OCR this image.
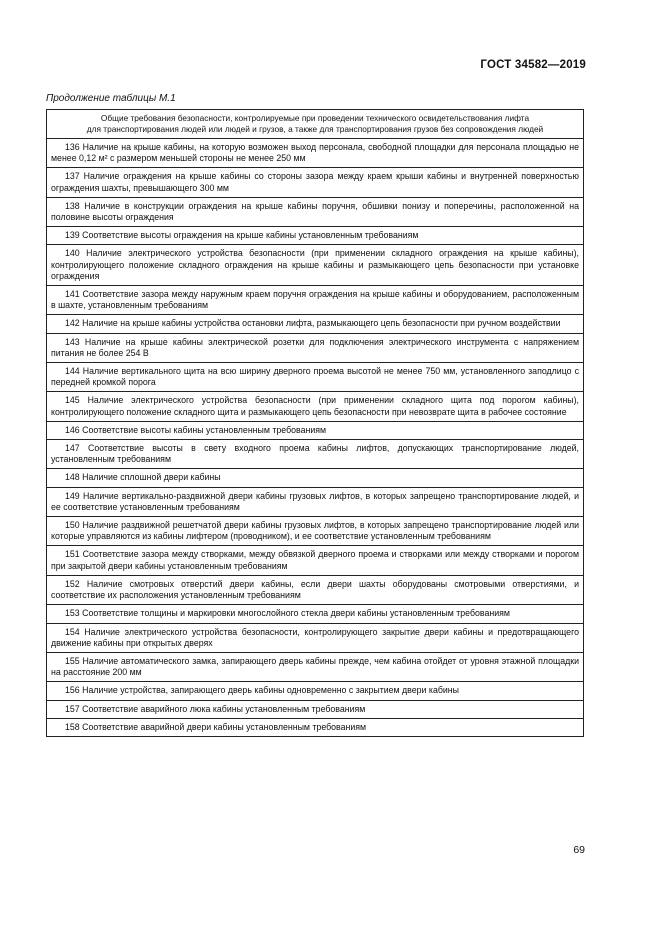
ГОСТ 34582—2019
Продолжение таблицы М.1
Общие требования безопасности, контролируемые при проведении технического освидетельствования лифта
для транспортирования людей или людей и грузов, а также для транспортирования грузов без сопровождения людей
136 Наличие на крыше кабины, на которую возможен выход персонала, свободной площадки для персонала площадью не менее 0,12 м² с размером меньшей стороны не менее 250 мм
137 Наличие ограждения на крыше кабины со стороны зазора между краем крыши кабины и внутренней поверхностью ограждения шахты, превышающего 300 мм
138 Наличие в конструкции ограждения на крыше кабины поручня, обшивки понизу и поперечины, расположенной на половине высоты ограждения
139 Соответствие высоты ограждения на крыше кабины установленным требованиям
140 Наличие электрического устройства безопасности (при применении складного ограждения на крыше кабины), контролирующего положение складного ограждения на крыше кабины и размыкающего цепь безопасности при установке ограждения
141 Соответствие зазора между наружным краем поручня ограждения на крыше кабины и оборудованием, расположенным в шахте, установленным требованиям
142 Наличие на крыше кабины устройства остановки лифта, размыкающего цепь безопасности при ручном воздействии
143 Наличие на крыше кабины электрической розетки для подключения электрического инструмента с напряжением питания не более 254 В
144 Наличие вертикального щита на всю ширину дверного проема высотой не менее 750 мм, установленного заподлицо с передней кромкой порога
145 Наличие электрического устройства безопасности (при применении складного щита под порогом кабины), контролирующего положение складного щита и размыкающего цепь безопасности при невозврате щита в рабочее состояние
146 Соответствие высоты кабины установленным требованиям
147 Соответствие высоты в свету входного проема кабины лифтов, допускающих транспортирование людей, установленным требованиям
148 Наличие сплошной двери кабины
149 Наличие вертикально-раздвижной двери кабины грузовых лифтов, в которых запрещено транспортирование людей, и ее соответствие установленным требованиям
150 Наличие раздвижной решетчатой двери кабины грузовых лифтов, в которых запрещено транспортирование людей или которые управляются из кабины лифтером (проводником), и ее соответствие установленным требованиям
151 Соответствие зазора между створками, между обвязкой дверного проема и створками или между створками и порогом при закрытой двери кабины установленным требованиям
152 Наличие смотровых отверстий двери кабины, если двери шахты оборудованы смотровыми отверстиями, и соответствие их расположения установленным требованиям
153 Соответствие толщины и маркировки многослойного стекла двери кабины установленным требованиям
154 Наличие электрического устройства безопасности, контролирующего закрытие двери кабины и предотвращающего движение кабины при открытых дверях
155 Наличие автоматического замка, запирающего дверь кабины прежде, чем кабина отойдет от уровня этажной площадки на расстояние 200 мм
156 Наличие устройства, запирающего дверь кабины одновременно с закрытием двери кабины
157 Соответствие аварийного люка кабины установленным требованиям
158 Соответствие аварийной двери кабины установленным требованиям
69
